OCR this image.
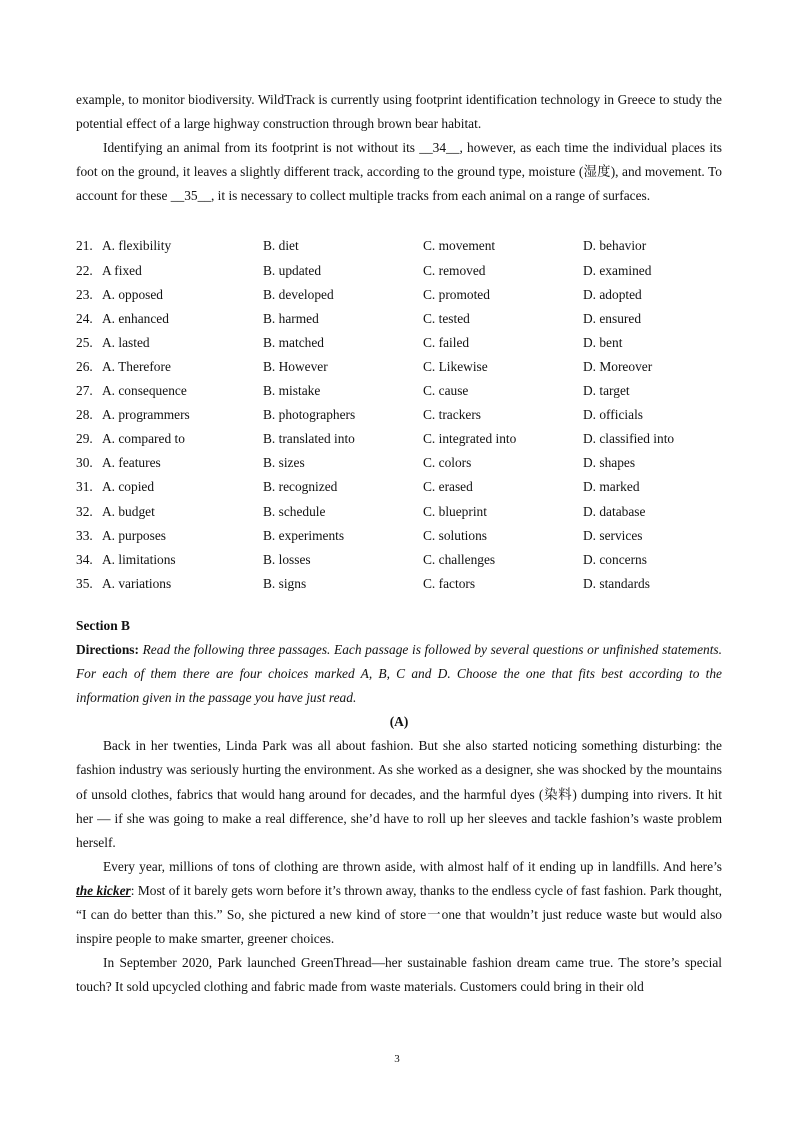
example, to monitor biodiversity. WildTrack is currently using footprint identification technology in Greece to study the potential effect of a large highway construction through brown bear habitat.

Identifying an animal from its footprint is not without its __34__, however, as each time the individual places its foot on the ground, it leaves a slightly different track, according to the ground type, moisture (湿度), and movement. To account for these __35__, it is necessary to collect multiple tracks from each animal on a range of surfaces.

21. A. flexibility	B. diet	C. movement	D. behavior
22. A fixed	B. updated	C. removed	D. examined
23. A. opposed	B. developed	C. promoted	D. adopted
24. A. enhanced	B. harmed	C. tested	D. ensured
25. A. lasted	B. matched	C. failed	D. bent
26. A. Therefore	B. However	C. Likewise	D. Moreover
27. A. consequence	B. mistake	C. cause	D. target
28. A. programmers	B. photographers	C. trackers	D. officials
29. A. compared to	B. translated into	C. integrated into	D. classified into
30. A. features	B. sizes	C. colors	D. shapes
31. A. copied	B. recognized	C. erased	D. marked
32. A. budget	B. schedule	C. blueprint	D. database
33. A. purposes	B. experiments	C. solutions	D. services
34. A. limitations	B. losses	C. challenges	D. concerns
35. A. variations	B. signs	C. factors	D. standards
Section B

Directions: Read the following three passages. Each passage is followed by several questions or unfinished statements. For each of them there are four choices marked A, B, C and D. Choose the one that fits best according to the information given in the passage you have just read.

(A)

Back in her twenties, Linda Park was all about fashion. But she also started noticing something disturbing: the fashion industry was seriously hurting the environment. As she worked as a designer, she was shocked by the mountains of unsold clothes, fabrics that would hang around for decades, and the harmful dyes (染料) dumping into rivers. It hit her — if she was going to make a real difference, she’d have to roll up her sleeves and tackle fashion’s waste problem herself.

Every year, millions of tons of clothing are thrown aside, with almost half of it ending up in landfills. And here’s the kicker: Most of it barely gets worn before it’s thrown away, thanks to the endless cycle of fast fashion. Park thought, “I can do better than this.” So, she pictured a new kind of store一one that wouldn’t just reduce waste but would also inspire people to make smarter, greener choices.

In September 2020, Park launched GreenThread—her sustainable fashion dream came true. The store’s special touch? It sold upcycled clothing and fabric made from waste materials. Customers could bring in their old

3
